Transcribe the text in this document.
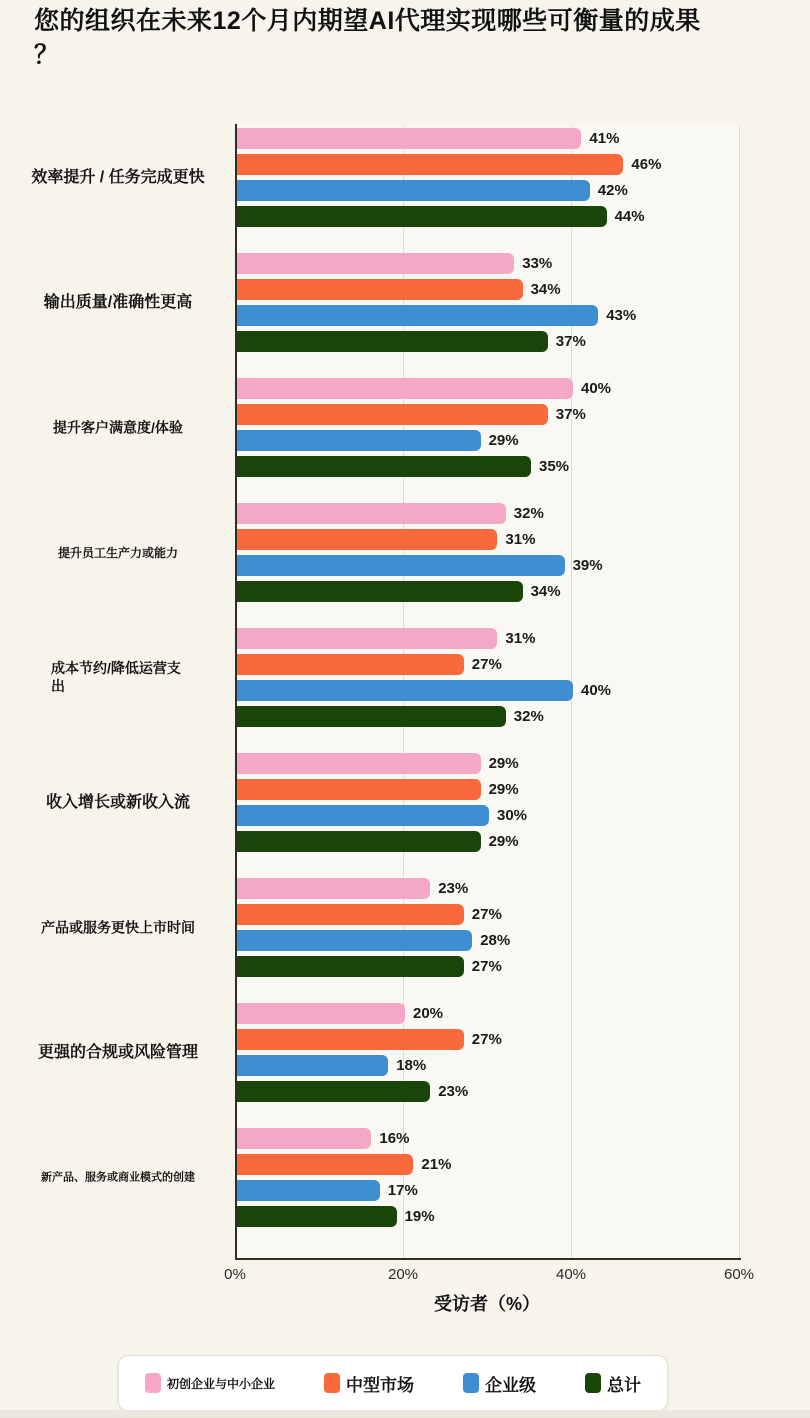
您的组织在未来12个月内期望AI代理实现哪些可衡量的成果
？
效率提升 / 任务完成更快
41%
46%
42%
44%
输出质量/准确性更高
33%
34%
43%
37%
提升客户满意度/体验
40%
37%
29%
35%
提升员工生产力或能力
32%
31%
39%
34%
成本节约/降低运营支出
31%
27%
40%
32%
收入增长或新收入流
29%
29%
30%
29%
产品或服务更快上市时间
23%
27%
28%
27%
更强的合规或风险管理
20%
27%
18%
23%
新产品、服务或商业模式的创建
16%
21%
17%
19%
0%	20%	40%	60%
受访者（%）
初创企业与中小企业	中型市场	企业级	总计
